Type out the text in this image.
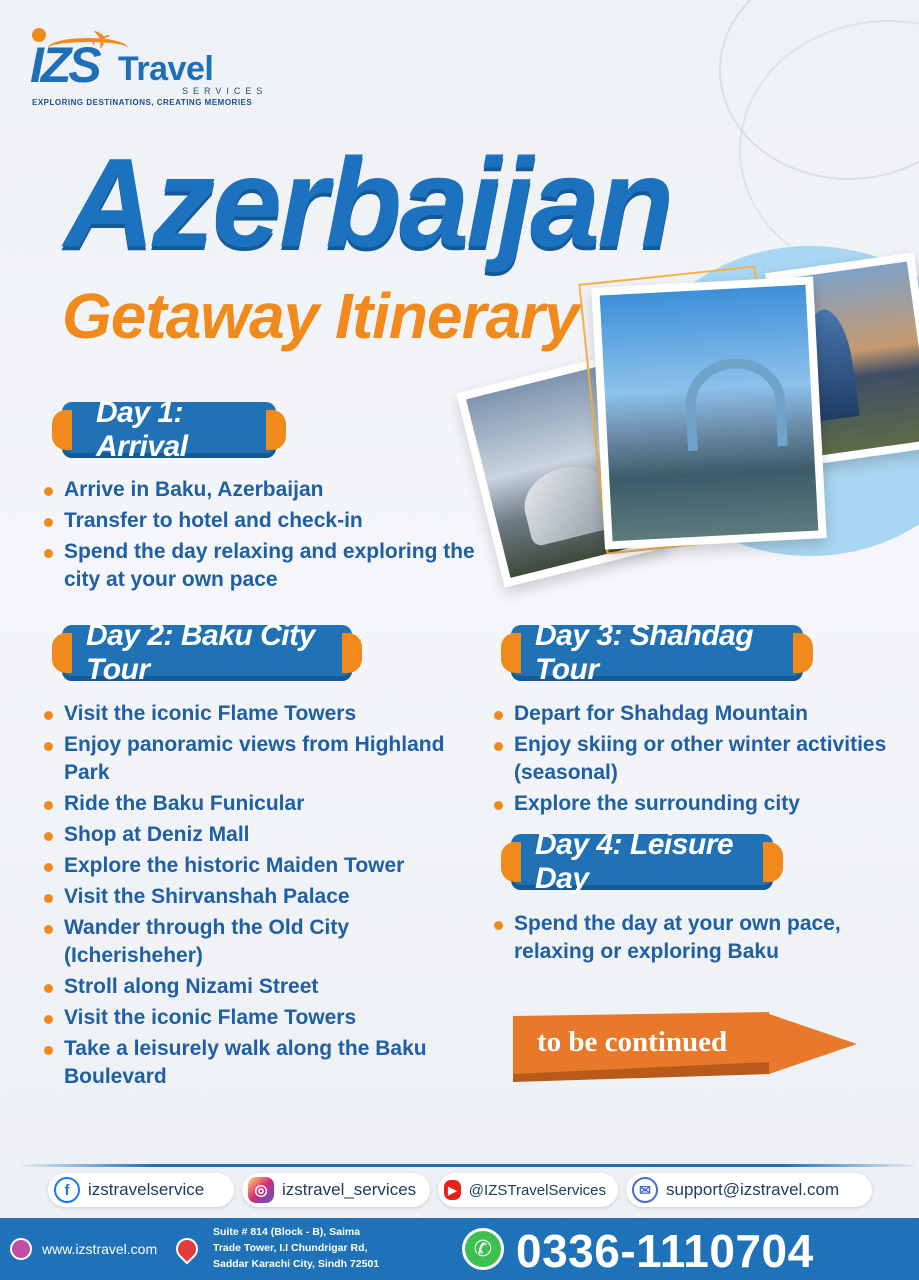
✈
IZS Travel
SERVICES
EXPLORING DESTINATIONS, CREATING MEMORIES
Azerbaijan
Getaway Itinerary
Day 1: Arrival
Arrive in Baku, Azerbaijan
Transfer to hotel and check-in
Spend the day relaxing and exploring the city at your own pace
Day 2: Baku City Tour
Visit the iconic Flame Towers
Enjoy panoramic views from Highland Park
Ride the Baku Funicular
Shop at Deniz Mall
Explore the historic Maiden Tower
Visit the Shirvanshah Palace
Wander through the Old City (Icherisheher)
Stroll along Nizami Street
Visit the iconic Flame Towers
Take a leisurely walk along the Baku Boulevard
Day 3: Shahdag Tour
Depart for Shahdag Mountain
Enjoy skiing or other winter activities (seasonal)
Explore the surrounding city
Day 4: Leisure Day
Spend the day at your own pace, relaxing or exploring Baku
to be continued
f	izstravelservice	◎ izstravel_services	▶ @IZSTravelServices	✉ support@izstravel.com
www.izstravel.com
Suite # 814 (Block - B), Saima
Trade Tower, I.I Chundrigar Rd,
Saddar Karachi City, Sindh 72501
✆ 0336-1110704
